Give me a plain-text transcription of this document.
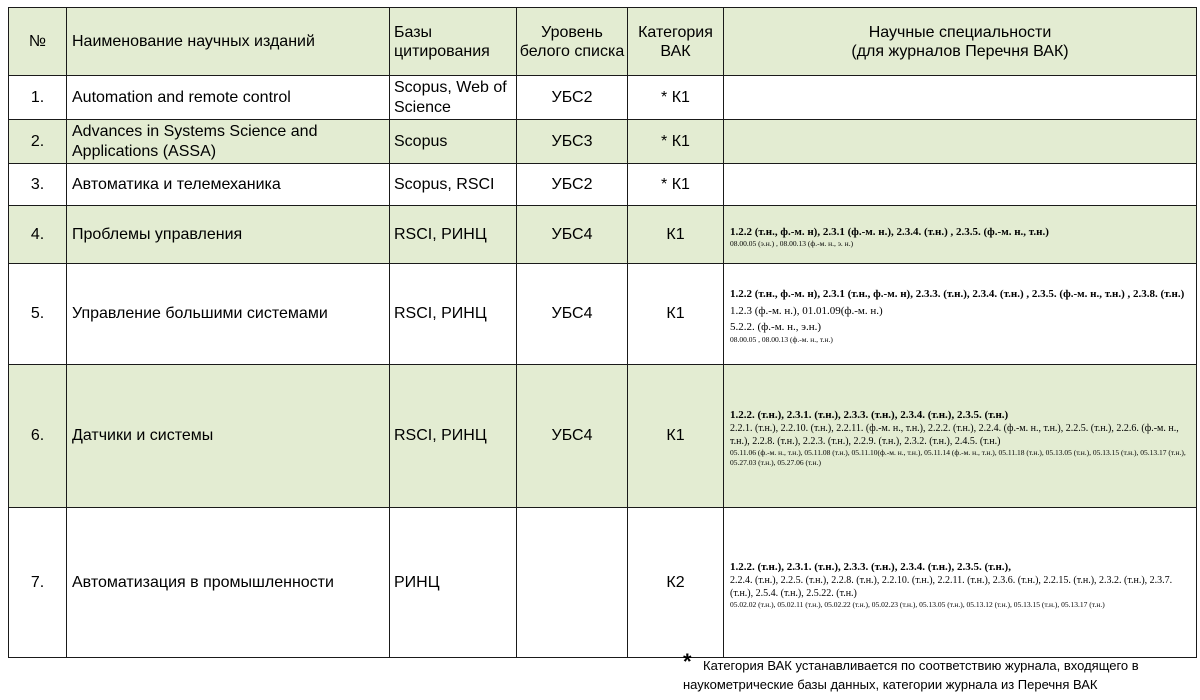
№	Наименование научных изданий	Базы цитирования	Уровень белого списка	Категория ВАК	Научные специальности
(для журналов Перечня ВАК)

1.	Automation and remote control	Scopus, Web of Science	УБС2	* К1	

2.	Advances in Systems Science and Applications (ASSA)	Scopus	УБС3	* К1	

3.	Автоматика и телемеханика	Scopus, RSCI	УБС2	* К1	

4.	Проблемы управления	RSCI, РИНЦ	УБС4	К1	1.2.2 (т.н., ф.-м. н), 2.3.1 (ф.-м. н.), 2.3.4. (т.н.) , 2.3.5. (ф.-м. н., т.н.)
08.00.05 (э.н.) , 08.00.13 (ф.-м. н., э. н.)

5.	Управление большими системами	RSCI, РИНЦ	УБС4	К1	1.2.2 (т.н., ф.-м. н), 2.3.1 (т.н., ф.-м. н), 2.3.3. (т.н.), 2.3.4. (т.н.) , 2.3.5. (ф.-м. н., т.н.) , 2.3.8. (т.н.)
1.2.3 (ф.-м. н.), 01.01.09(ф.-м. н.)
5.2.2. (ф.-м. н., э.н.)
08.00.05 , 08.00.13 (ф.-м. н., т.н.)

6.	Датчики и системы	RSCI, РИНЦ	УБС4	К1	1.2.2. (т.н.), 2.3.1. (т.н.), 2.3.3. (т.н.), 2.3.4. (т.н.), 2.3.5. (т.н.)
2.2.1. (т.н.), 2.2.10. (т.н.), 2.2.11. (ф.-м. н., т.н.), 2.2.2. (т.н.), 2.2.4. (ф.-м. н., т.н.), 2.2.5. (т.н.), 2.2.6. (ф.-м. н., т.н.), 2.2.8. (т.н.), 2.2.3. (т.н.), 2.2.9. (т.н.), 2.3.2. (т.н.), 2.4.5. (т.н.)
05.11.06 (ф.-м. н., т.н.), 05.11.08 (т.н.), 05.11.10(ф.-м. н., т.н.), 05.11.14 (ф.-м. н., т.н.), 05.11.18 (т.н.), 05.13.05 (т.н.), 05.13.15 (т.н.), 05.13.17 (т.н.), 05.27.03 (т.н.), 05.27.06 (т.н.)

7.	Автоматизация в промышленности	РИНЦ		К2	1.2.2. (т.н.), 2.3.1. (т.н.), 2.3.3. (т.н.), 2.3.4. (т.н.), 2.3.5. (т.н.),
2.2.4. (т.н.), 2.2.5. (т.н.), 2.2.8. (т.н.), 2.2.10. (т.н.), 2.2.11. (т.н.), 2.3.6. (т.н.), 2.2.15. (т.н.), 2.3.2. (т.н.), 2.3.7. (т.н.), 2.5.4. (т.н.), 2.5.22. (т.н.)
05.02.02 (т.н.), 05.02.11 (т.н.), 05.02.22 (т.н.), 05.02.23 (т.н.), 05.13.05 (т.н.), 05.13.12 (т.н.), 05.13.15 (т.н.), 05.13.17 (т.н.)
* Категория ВАК устанавливается по соответствию журнала, входящего в
наукометрические базы данных, категории журнала из Перечня ВАК
